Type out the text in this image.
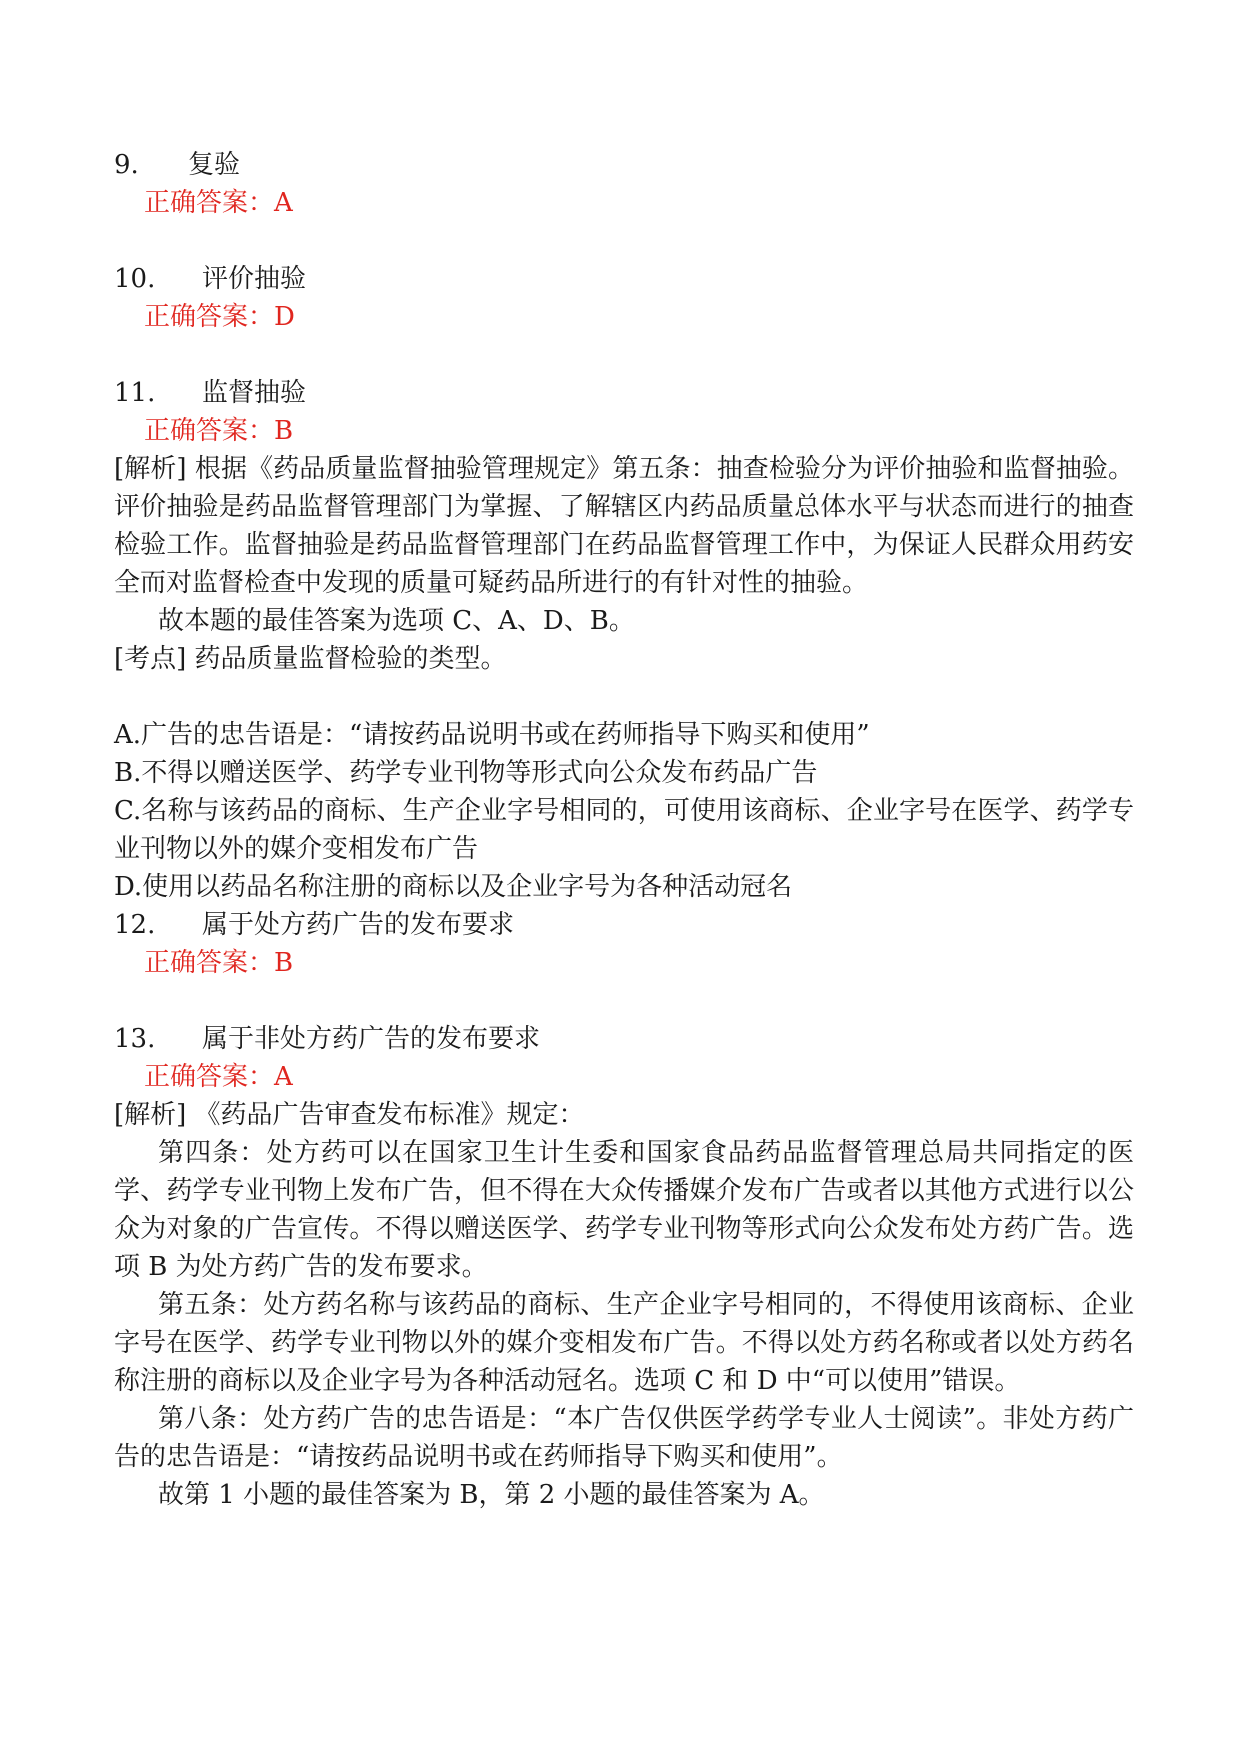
9.	复验
正确答案：A
10.	评价抽验
正确答案：D
11.	监督抽验
正确答案：B
[解析] 根据《药品质量监督抽验管理规定》第五条：抽查检验分为评价抽验和监督抽验。评价抽验是药品监督管理部门为掌握、了解辖区内药品质量总体水平与状态而进行的抽查检验工作。监督抽验是药品监督管理部门在药品监督管理工作中，为保证人民群众用药安全而对监督检查中发现的质量可疑药品所进行的有针对性的抽验。
故本题的最佳答案为选项 C、A、D、B。
[考点] 药品质量监督检验的类型。
A.广告的忠告语是：“请按药品说明书或在药师指导下购买和使用”
B.不得以赠送医学、药学专业刊物等形式向公众发布药品广告
C.名称与该药品的商标、生产企业字号相同的，可使用该商标、企业字号在医学、药学专业刊物以外的媒介变相发布广告
D.使用以药品名称注册的商标以及企业字号为各种活动冠名
12.	属于处方药广告的发布要求
正确答案：B
13.	属于非处方药广告的发布要求
正确答案：A
[解析] 《药品广告审查发布标准》规定：
第四条：处方药可以在国家卫生计生委和国家食品药品监督管理总局共同指定的医学、药学专业刊物上发布广告，但不得在大众传播媒介发布广告或者以其他方式进行以公众为对象的广告宣传。不得以赠送医学、药学专业刊物等形式向公众发布处方药广告。选项 B 为处方药广告的发布要求。
第五条：处方药名称与该药品的商标、生产企业字号相同的，不得使用该商标、企业字号在医学、药学专业刊物以外的媒介变相发布广告。不得以处方药名称或者以处方药名称注册的商标以及企业字号为各种活动冠名。选项 C 和 D 中“可以使用”错误。
第八条：处方药广告的忠告语是：“本广告仅供医学药学专业人士阅读”。非处方药广告的忠告语是：“请按药品说明书或在药师指导下购买和使用”。
故第 1 小题的最佳答案为 B，第 2 小题的最佳答案为 A。
